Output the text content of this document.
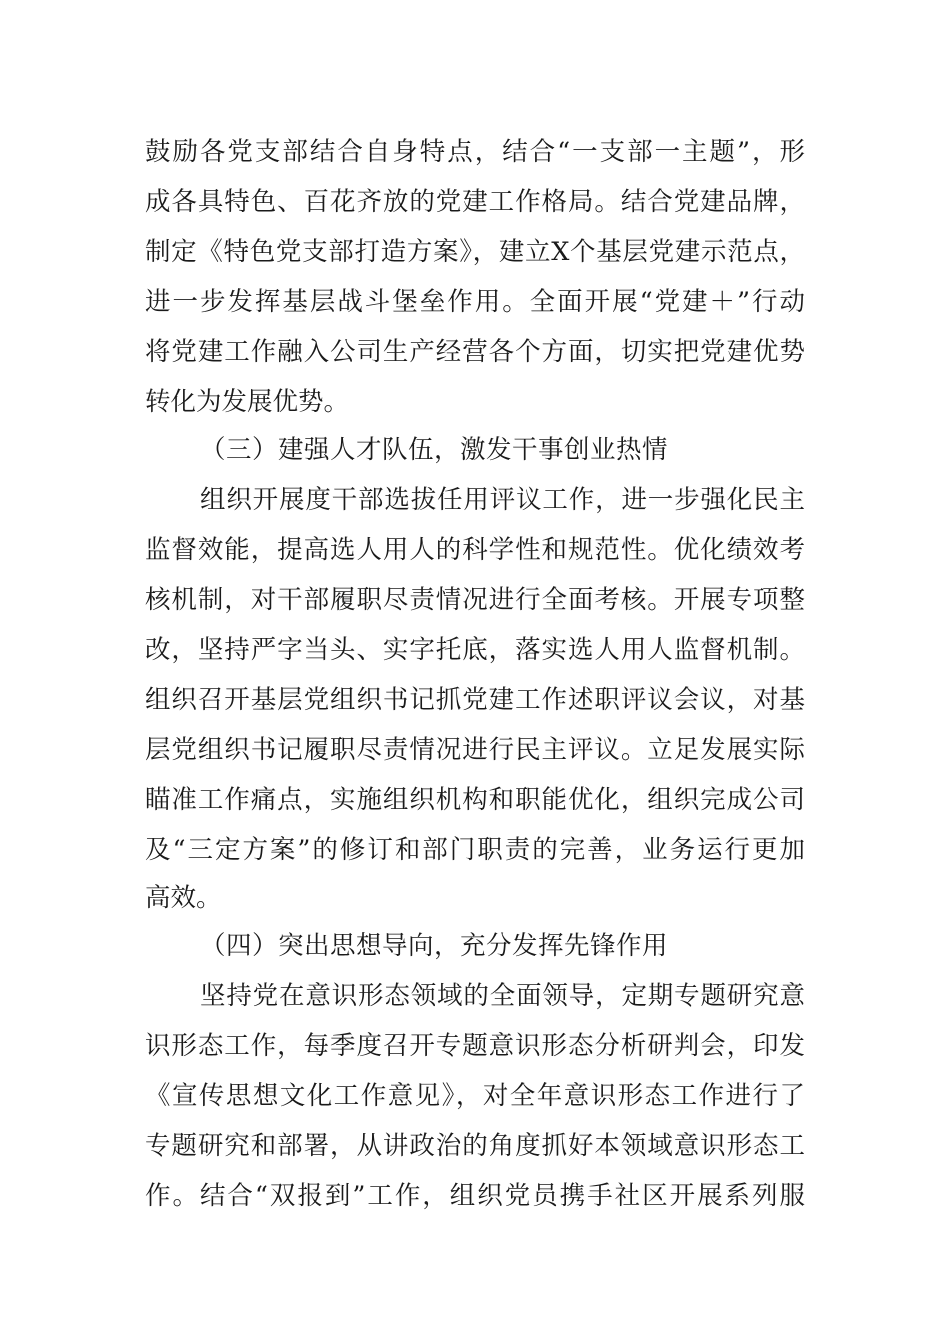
鼓励各党支部结合自身特点，结合“一支部一主题”，形
成各具特色、百花齐放的党建工作格局。结合党建品牌，
制定《特色党支部打造方案》，建立X个基层党建示范点，
进一步发挥基层战斗堡垒作用。全面开展“党建＋”行动
将党建工作融入公司生产经营各个方面，切实把党建优势
转化为发展优势。
（三）建强人才队伍，激发干事创业热情
组织开展度干部选拔任用评议工作，进一步强化民主
监督效能，提高选人用人的科学性和规范性。优化绩效考
核机制，对干部履职尽责情况进行全面考核。开展专项整
改，坚持严字当头、实字托底，落实选人用人监督机制。
组织召开基层党组织书记抓党建工作述职评议会议，对基
层党组织书记履职尽责情况进行民主评议。立足发展实际
瞄准工作痛点，实施组织机构和职能优化，组织完成公司
及“三定方案”的修订和部门职责的完善，业务运行更加
高效。
（四）突出思想导向，充分发挥先锋作用
坚持党在意识形态领域的全面领导，定期专题研究意
识形态工作，每季度召开专题意识形态分析研判会，印发
《宣传思想文化工作意见》，对全年意识形态工作进行了
专题研究和部署，从讲政治的角度抓好本领域意识形态工
作。结合“双报到”工作，组织党员携手社区开展系列服
